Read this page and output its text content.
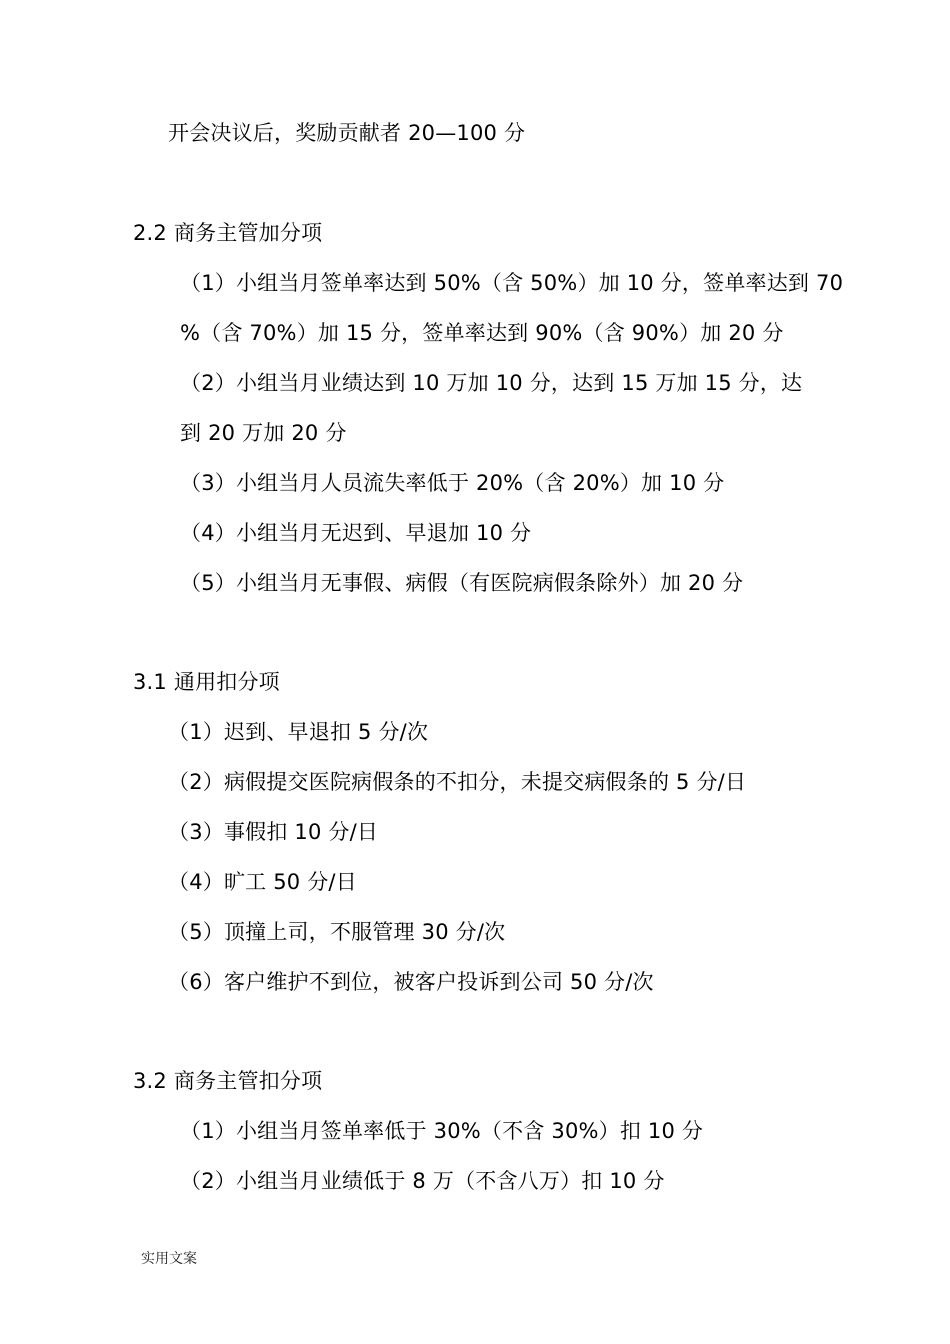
开会决议后，奖励贡献者 20—100 分
2.2 商务主管加分项
（1）小组当月签单率达到 50%（含 50%）加 10 分，签单率达到 70
%（含 70%）加 15 分，签单率达到 90%（含 90%）加 20 分
（2）小组当月业绩达到 10 万加 10 分，达到 15 万加 15 分，达
到 20 万加 20 分
（3）小组当月人员流失率低于 20%（含 20%）加 10 分
（4）小组当月无迟到、早退加 10 分
（5）小组当月无事假、病假（有医院病假条除外）加 20 分
3.1 通用扣分项
（1）迟到、早退扣 5 分/次
（2）病假提交医院病假条的不扣分，未提交病假条的 5 分/日
（3）事假扣 10 分/日
（4）旷工 50 分/日
（5）顶撞上司，不服管理 30 分/次
（6）客户维护不到位，被客户投诉到公司 50 分/次
3.2 商务主管扣分项
（1）小组当月签单率低于 30%（不含 30%）扣 10 分
（2）小组当月业绩低于 8 万（不含八万）扣 10 分
实用文案
